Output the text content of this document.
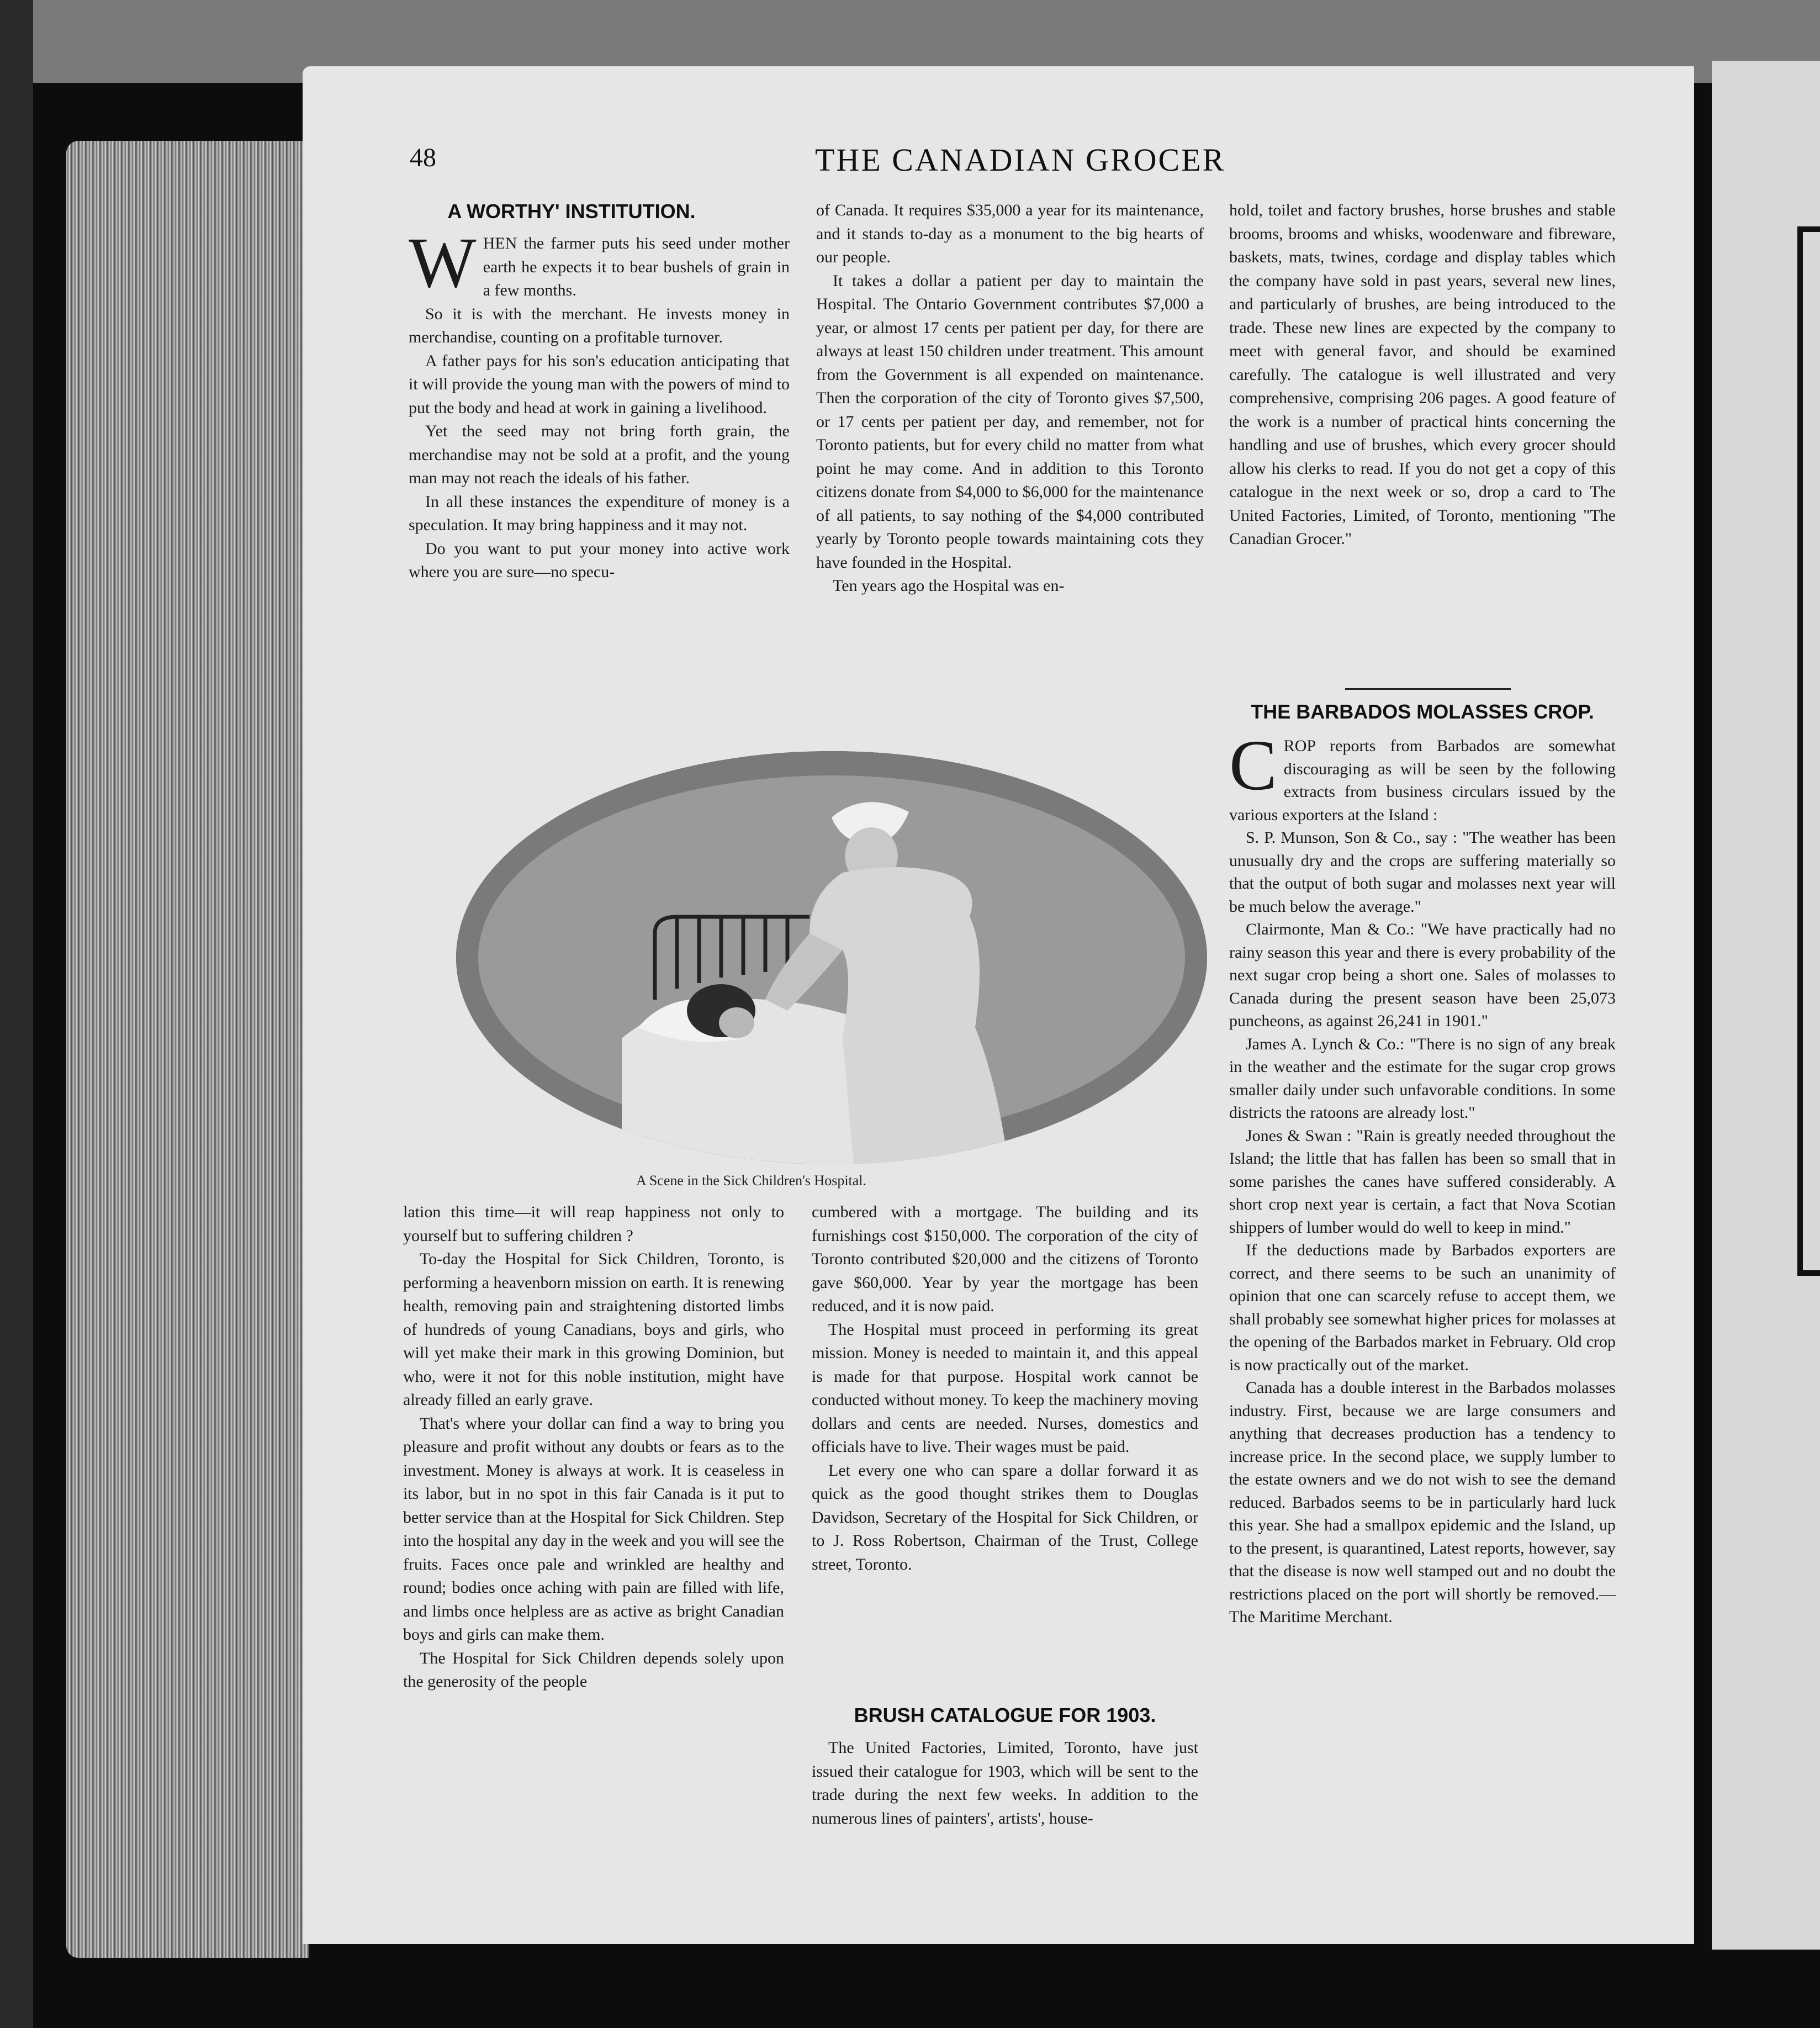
48	THE CANADIAN GROCER
A WORTHY' INSTITUTION.

WHEN the farmer puts his seed under mother earth he expects it to bear bushels of grain in a few months.

So it is with the merchant. He invests money in merchandise, counting on a profitable turnover.

A father pays for his son's education anticipating that it will provide the young man with the powers of mind to put the body and head at work in gaining a livelihood.

Yet the seed may not bring forth grain, the merchandise may not be sold at a profit, and the young man may not reach the ideals of his father.

In all these instances the expenditure of money is a speculation. It may bring happiness and it may not.

Do you want to put your money into active work where you are sure—no specu-

of Canada. It requires $35,000 a year for its maintenance, and it stands to-day as a monument to the big hearts of our people.

It takes a dollar a patient per day to maintain the Hospital. The Ontario Government contributes $7,000 a year, or almost 17 cents per patient per day, for there are always at least 150 children under treatment. This amount from the Government is all expended on maintenance. Then the corporation of the city of Toronto gives $7,500, or 17 cents per patient per day, and remember, not for Toronto patients, but for every child no matter from what point he may come. And in addition to this Toronto citizens donate from $4,000 to $6,000 for the maintenance of all patients, to say nothing of the $4,000 contributed yearly by Toronto people towards maintaining cots they have founded in the Hospital.

Ten years ago the Hospital was en-

A Scene in the Sick Children's Hospital.

lation this time—it will reap happiness not only to yourself but to suffering children ?

To-day the Hospital for Sick Children, Toronto, is performing a heavenborn mission on earth. It is renewing health, removing pain and straightening distorted limbs of hundreds of young Canadians, boys and girls, who will yet make their mark in this growing Dominion, but who, were it not for this noble institution, might have already filled an early grave.

That's where your dollar can find a way to bring you pleasure and profit without any doubts or fears as to the investment. Money is always at work. It is ceaseless in its labor, but in no spot in this fair Canada is it put to better service than at the Hospital for Sick Children. Step into the hospital any day in the week and you will see the fruits. Faces once pale and wrinkled are healthy and round; bodies once aching with pain are filled with life, and limbs once helpless are as active as bright Canadian boys and girls can make them.

The Hospital for Sick Children depends solely upon the generosity of the people

cumbered with a mortgage. The building and its furnishings cost $150,000. The corporation of the city of Toronto contributed $20,000 and the citizens of Toronto gave $60,000. Year by year the mortgage has been reduced, and it is now paid.

The Hospital must proceed in performing its great mission. Money is needed to maintain it, and this appeal is made for that purpose. Hospital work cannot be conducted without money. To keep the machinery moving dollars and cents are needed. Nurses, domestics and officials have to live. Their wages must be paid.

Let every one who can spare a dollar forward it as quick as the good thought strikes them to Douglas Davidson, Secretary of the Hospital for Sick Children, or to J. Ross Robertson, Chairman of the Trust, College street, Toronto.

BRUSH CATALOGUE FOR 1903.

The United Factories, Limited, Toronto, have just issued their catalogue for 1903, which will be sent to the trade during the next few weeks. In addition to the numerous lines of painters', artists', house-

hold, toilet and factory brushes, horse brushes and stable brooms, brooms and whisks, woodenware and fibreware, baskets, mats, twines, cordage and display tables which the company have sold in past years, several new lines, and particularly of brushes, are being introduced to the trade. These new lines are expected by the company to meet with general favor, and should be examined carefully. The catalogue is well illustrated and very comprehensive, comprising 206 pages. A good feature of the work is a number of practical hints concerning the handling and use of brushes, which every grocer should allow his clerks to read. If you do not get a copy of this catalogue in the next week or so, drop a card to The United Factories, Limited, of Toronto, mentioning "The Canadian Grocer."

THE BARBADOS MOLASSES CROP.

CROP reports from Barbados are somewhat discouraging as will be seen by the following extracts from business circulars issued by the various exporters at the Island :

S. P. Munson, Son & Co., say : "The weather has been unusually dry and the crops are suffering materially so that the output of both sugar and molasses next year will be much below the average."

Clairmonte, Man & Co.: "We have practically had no rainy season this year and there is every probability of the next sugar crop being a short one. Sales of molasses to Canada during the present season have been 25,073 puncheons, as against 26,241 in 1901."

James A. Lynch & Co.: "There is no sign of any break in the weather and the estimate for the sugar crop grows smaller daily under such unfavorable conditions. In some districts the ratoons are already lost."

Jones & Swan : "Rain is greatly needed throughout the Island; the little that has fallen has been so small that in some parishes the canes have suffered considerably. A short crop next year is certain, a fact that Nova Scotian shippers of lumber would do well to keep in mind."

If the deductions made by Barbados exporters are correct, and there seems to be such an unanimity of opinion that one can scarcely refuse to accept them, we shall probably see somewhat higher prices for molasses at the opening of the Barbados market in February. Old crop is now practically out of the market.

Canada has a double interest in the Barbados molasses industry. First, because we are large consumers and anything that decreases production has a tendency to increase price. In the second place, we supply lumber to the estate owners and we do not wish to see the demand reduced. Barbados seems to be in particularly hard luck this year. She had a smallpox epidemic and the Island, up to the present, is quarantined, Latest reports, however, say that the disease is now well stamped out and no doubt the restrictions placed on the port will shortly be removed.—The Maritime Merchant.
